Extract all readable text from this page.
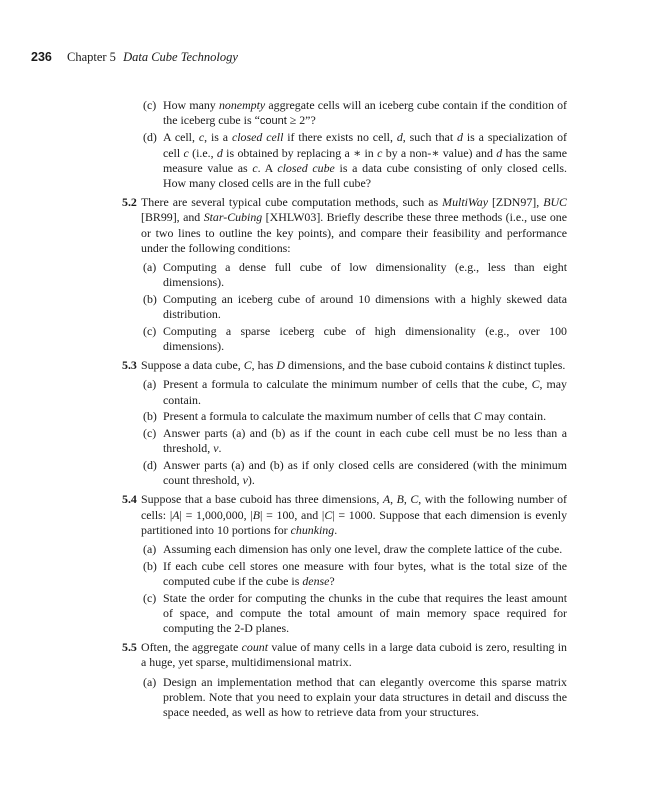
236 Chapter 5 Data Cube Technology
(c) How many nonempty aggregate cells will an iceberg cube contain if the condition of the iceberg cube is “count ≥ 2”?
(d) A cell, c, is a closed cell if there exists no cell, d, such that d is a specialization of cell c (i.e., d is obtained by replacing a ∗ in c by a non-∗ value) and d has the same measure value as c. A closed cube is a data cube consisting of only closed cells. How many closed cells are in the full cube?
5.2 There are several typical cube computation methods, such as MultiWay [ZDN97], BUC [BR99], and Star-Cubing [XHLW03]. Briefly describe these three methods (i.e., use one or two lines to outline the key points), and compare their feasibility and performance under the following conditions:
(a) Computing a dense full cube of low dimensionality (e.g., less than eight dimensions).
(b) Computing an iceberg cube of around 10 dimensions with a highly skewed data distribution.
(c) Computing a sparse iceberg cube of high dimensionality (e.g., over 100 dimensions).
5.3 Suppose a data cube, C, has D dimensions, and the base cuboid contains k distinct tuples.
(a) Present a formula to calculate the minimum number of cells that the cube, C, may contain.
(b) Present a formula to calculate the maximum number of cells that C may contain.
(c) Answer parts (a) and (b) as if the count in each cube cell must be no less than a threshold, v.
(d) Answer parts (a) and (b) as if only closed cells are considered (with the minimum count threshold, v).
5.4 Suppose that a base cuboid has three dimensions, A, B, C, with the following number of cells: |A| = 1,000,000, |B| = 100, and |C| = 1000. Suppose that each dimension is evenly partitioned into 10 portions for chunking.
(a) Assuming each dimension has only one level, draw the complete lattice of the cube.
(b) If each cube cell stores one measure with four bytes, what is the total size of the computed cube if the cube is dense?
(c) State the order for computing the chunks in the cube that requires the least amount of space, and compute the total amount of main memory space required for computing the 2-D planes.
5.5 Often, the aggregate count value of many cells in a large data cuboid is zero, resulting in a huge, yet sparse, multidimensional matrix.
(a) Design an implementation method that can elegantly overcome this sparse matrix problem. Note that you need to explain your data structures in detail and discuss the space needed, as well as how to retrieve data from your structures.
